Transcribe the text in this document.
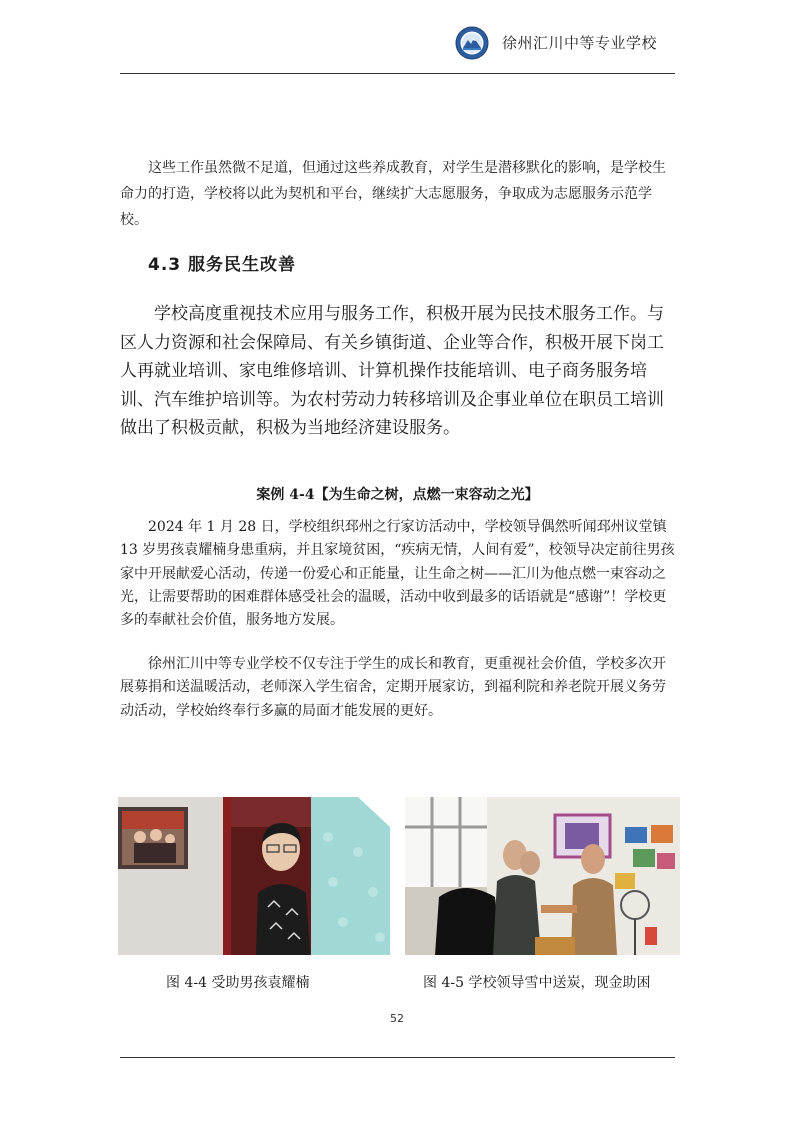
徐州汇川中等专业学校

这些工作虽然微不足道，但通过这些养成教育，对学生是潜移默化的影响，是学校生命力的打造，学校将以此为契机和平台，继续扩大志愿服务，争取成为志愿服务示范学校。

4.3 服务民生改善

学校高度重视技术应用与服务工作，积极开展为民技术服务工作。与区人力资源和社会保障局、有关乡镇街道、企业等合作，积极开展下岗工人再就业培训、家电维修培训、计算机操作技能培训、电子商务服务培训、汽车维护培训等。为农村劳动力转移培训及企事业单位在职员工培训做出了积极贡献，积极为当地经济建设服务。

案例 4-4【为生命之树，点燃一束容动之光】

2024 年 1 月 28 日，学校组织邳州之行家访活动中，学校领导偶然听闻邳州议堂镇 13 岁男孩袁耀楠身患重病，并且家境贫困，“疾病无情，人间有爱”，校领导决定前往男孩家中开展献爱心活动，传递一份爱心和正能量，让生命之树——汇川为他点燃一束容动之光，让需要帮助的困难群体感受社会的温暖，活动中收到最多的话语就是“感谢”！学校更多的奉献社会价值，服务地方发展。

徐州汇川中等专业学校不仅专注于学生的成长和教育，更重视社会价值，学校多次开展募捐和送温暖活动，老师深入学生宿舍，定期开展家访，到福利院和养老院开展义务劳动活动，学校始终奉行多赢的局面才能发展的更好。

图 4-4 受助男孩袁耀楠	图 4-5 学校领导雪中送炭，现金助困
52
